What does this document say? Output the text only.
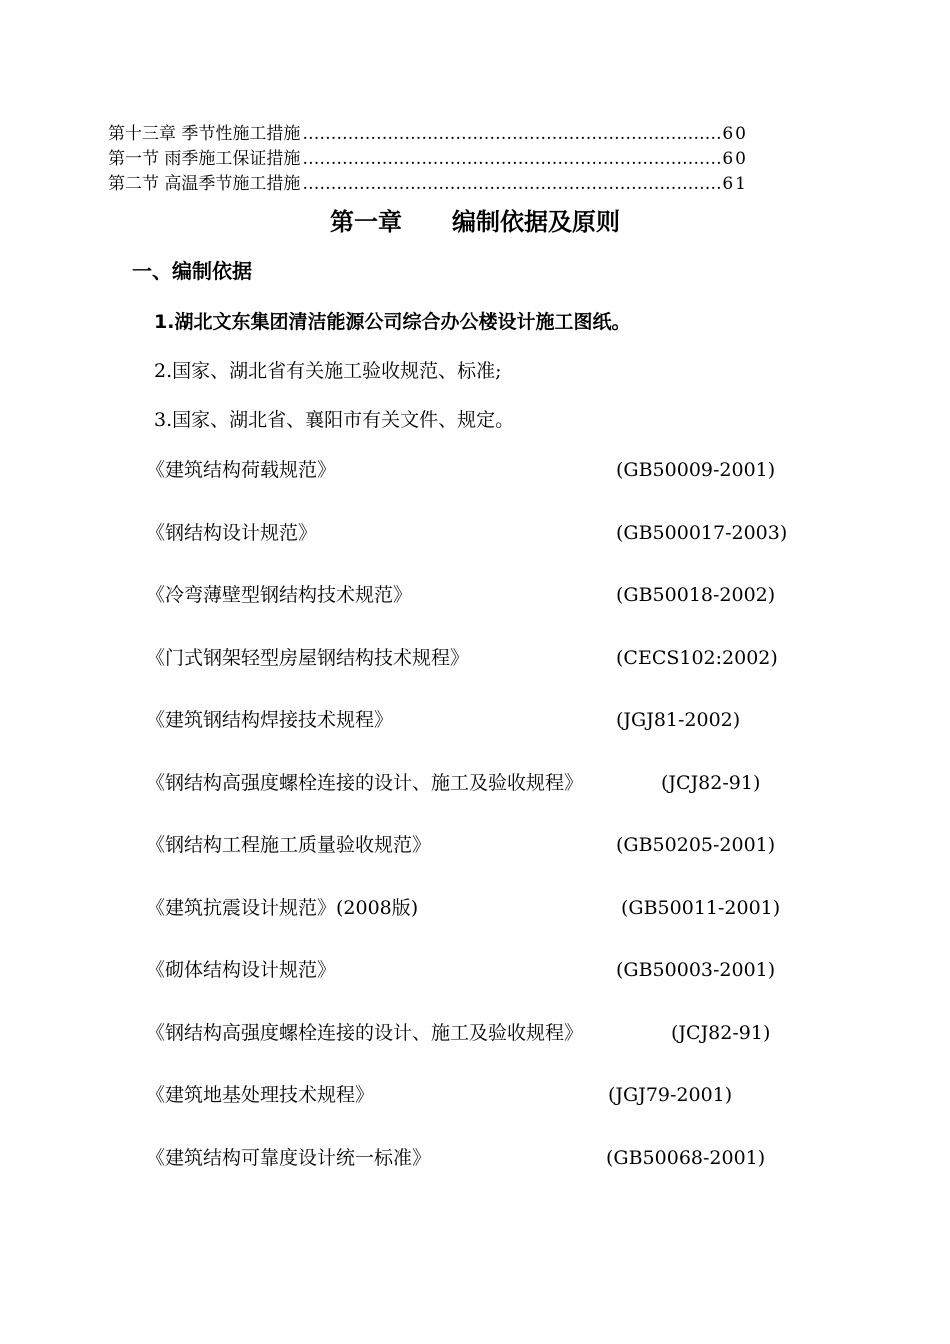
第十三章 季节性施工措施 …………………………………………………………………………………………………………………………	60
第一节 雨季施工保证措施 …………………………………………………………………………………………………………………………	60
第二节 高温季节施工措施 …………………………………………………………………………………………………………………………	61
第一章 编制依据及原则
一、编制依据
1.湖北文东集团清洁能源公司综合办公楼设计施工图纸。
2.国家、湖北省有关施工验收规范、标准;
3.国家、湖北省、襄阳市有关文件、规定。
《建筑结构荷载规范》	(GB50009-2001)
《钢结构设计规范》	(GB500017-2003)
《冷弯薄壁型钢结构技术规范》	(GB50018-2002)
《门式钢架轻型房屋钢结构技术规程》	(CECS102:2002)
《建筑钢结构焊接技术规程》	(JGJ81-2002)
《钢结构高强度螺栓连接的设计、施工及验收规程》	(JCJ82-91)
《钢结构工程施工质量验收规范》	(GB50205-2001)
《建筑抗震设计规范》(2008版)	(GB50011-2001)
《砌体结构设计规范》	(GB50003-2001)
《钢结构高强度螺栓连接的设计、施工及验收规程》	(JCJ82-91)
《建筑地基处理技术规程》	(JGJ79-2001)
《建筑结构可靠度设计统一标准》	(GB50068-2001)
